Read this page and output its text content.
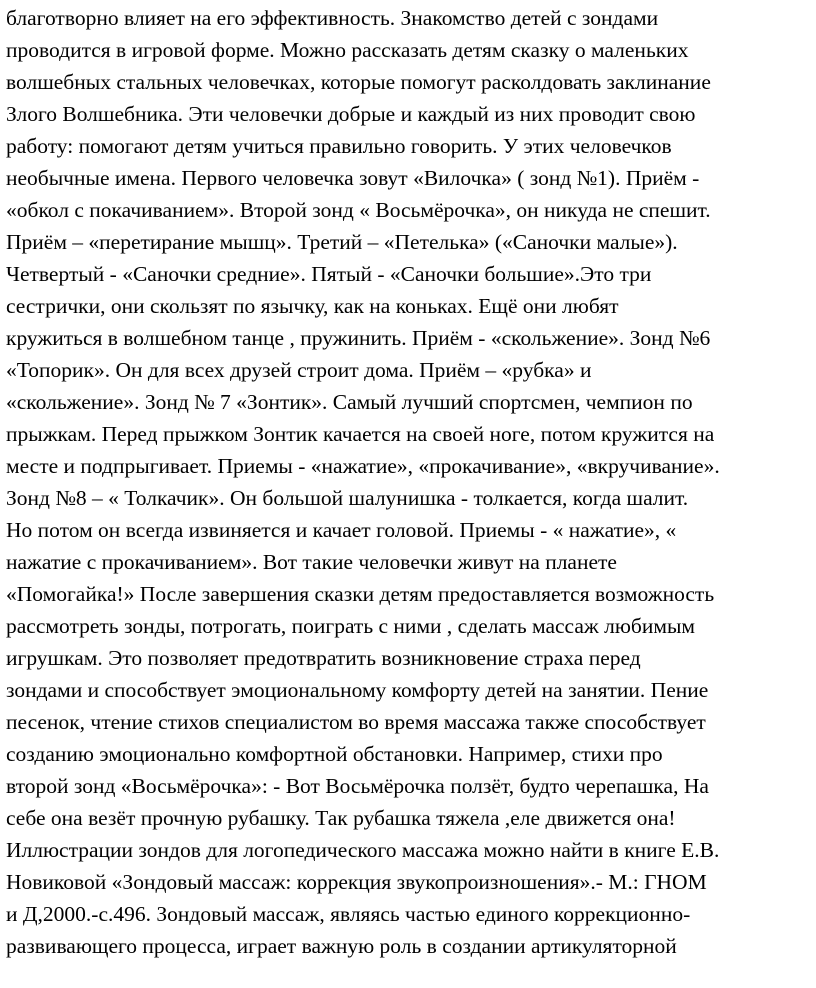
благотворно влияет на его эффективность. Знакомство детей с зондами
проводится в игровой форме. Можно рассказать детям сказку о маленьких
волшебных стальных человечках, которые помогут расколдовать заклинание
Злого Волшебника. Эти человечки добрые и каждый из них проводит свою
работу: помогают детям учиться правильно говорить. У этих человечков
необычные имена. Первого человечка зовут «Вилочка» ( зонд №1). Приём -
«обкол с покачиванием». Второй зонд « Восьмёрочка», он никуда не спешит.
Приём – «перетирание мышц». Третий – «Петелька» («Саночки малые»).
Четвертый - «Саночки средние». Пятый - «Саночки большие».Это три
сестрички, они скользят по язычку, как на коньках. Ещё они любят
кружиться в волшебном танце , пружинить. Приём - «скольжение». Зонд №6
«Топорик». Он для всех друзей строит дома. Приём – «рубка» и
«скольжение». Зонд № 7 «Зонтик». Самый лучший спортсмен, чемпион по
прыжкам. Перед прыжком Зонтик качается на своей ноге, потом кружится на
месте и подпрыгивает. Приемы - «нажатие», «прокачивание», «вкручивание».
Зонд №8 – « Толкачик». Он большой шалунишка - толкается, когда шалит.
Но потом он всегда извиняется и качает головой. Приемы - « нажатие», «
нажатие с прокачиванием». Вот такие человечки живут на планете
«Помогайка!» После завершения сказки детям предоставляется возможность
рассмотреть зонды, потрогать, поиграть с ними , сделать массаж любимым
игрушкам. Это позволяет предотвратить возникновение страха перед
зондами и способствует эмоциональному комфорту детей на занятии. Пение
песенок, чтение стихов специалистом во время массажа также способствует
созданию эмоционально комфортной обстановки. Например, стихи про
второй зонд «Восьмёрочка»: - Вот Восьмёрочка ползёт, будто черепашка, На
себе она везёт прочную рубашку. Так рубашка тяжела ,еле движется она!
Иллюстрации зондов для логопедического массажа можно найти в книге Е.В.
Новиковой «Зондовый массаж: коррекция звукопроизношения».- М.: ГНОМ
и Д,2000.-с.496. Зондовый массаж, являясь частью единого коррекционно-
развивающего процесса, играет важную роль в создании артикуляторной
